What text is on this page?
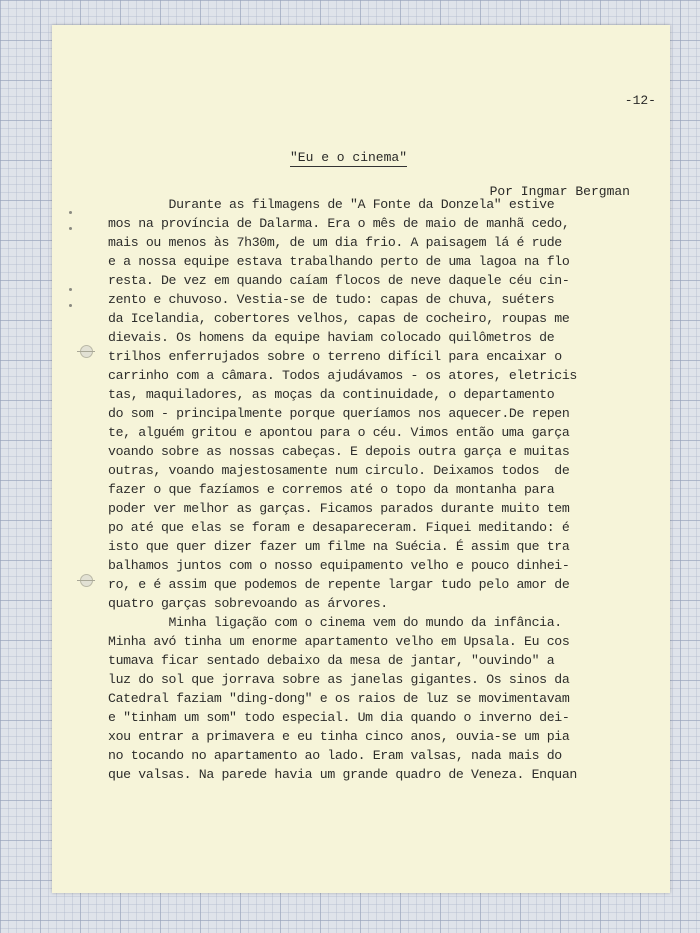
-12-
"Eu e o cinema"
Por Ingmar Bergman
Durante as filmagens de "A Fonte da Donzela" estive
mos na província de Dalarma. Era o mês de maio de manhã cedo,
mais ou menos às 7h30m, de um dia frio. A paisagem lá é rude
e a nossa equipe estava trabalhando perto de uma lagoa na flo
resta. De vez em quando caíam flocos de neve daquele céu cin-
zento e chuvoso. Vestia-se de tudo: capas de chuva, suéters
da Icelandia, cobertores velhos, capas de cocheiro, roupas me
dievais. Os homens da equipe haviam colocado quilômetros de
trilhos enferrujados sobre o terreno difícil para encaixar o
carrinho com a câmara. Todos ajudávamos - os atores, eletricis
tas, maquiladores, as moças da continuidade, o departamento
do som - principalmente porque queríamos nos aquecer.De repen
te, alguém gritou e apontou para o céu. Vimos então uma garça
voando sobre as nossas cabeças. E depois outra garça e muitas
outras, voando majestosamente num circulo. Deixamos todos  de
fazer o que fazíamos e corremos até o topo da montanha para
poder ver melhor as garças. Ficamos parados durante muito tem
po até que elas se foram e desapareceram. Fiquei meditando: é
isto que quer dizer fazer um filme na Suécia. É assim que tra
balhamos juntos com o nosso equipamento velho e pouco dinhei-
ro, e é assim que podemos de repente largar tudo pelo amor de
quatro garças sobrevoando as árvores.
Minha ligação com o cinema vem do mundo da infância.
Minha avó tinha um enorme apartamento velho em Upsala. Eu cos
tumava ficar sentado debaixo da mesa de jantar, "ouvindo" a
luz do sol que jorrava sobre as janelas gigantes. Os sinos da
Catedral faziam "ding-dong" e os raios de luz se movimentavam
e "tinham um som" todo especial. Um dia quando o inverno dei-
xou entrar a primavera e eu tinha cinco anos, ouvia-se um pia
no tocando no apartamento ao lado. Eram valsas, nada mais do
que valsas. Na parede havia um grande quadro de Veneza. Enquan
